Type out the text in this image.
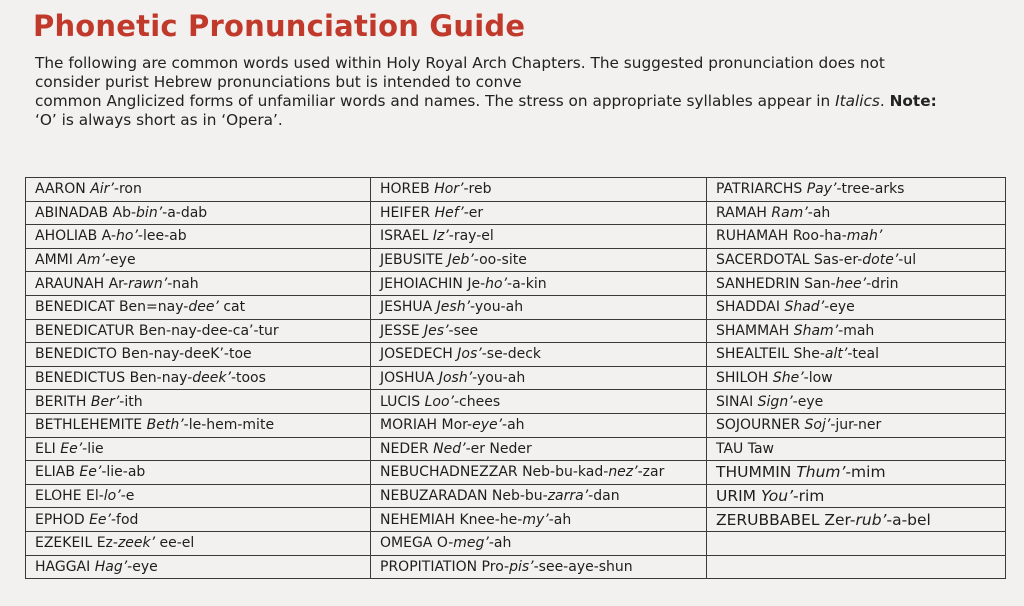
Phonetic Pronunciation Guide
The following are common words used within Holy Royal Arch Chapters. The suggested pronunciation does not
consider purist Hebrew pronunciations but is intended to conve
common Anglicized forms of unfamiliar words and names. The stress on appropriate syllables appear in Italics. Note:
‘O’ is always short as in ‘Opera’.
AARON Air’-ron	HOREB Hor’-reb	PATRIARCHS Pay’-tree-arks
ABINADAB Ab-bin’-a-dab	HEIFER Hef’-er	RAMAH Ram’-ah
AHOLIAB A-ho’-lee-ab	ISRAEL Iz’-ray-el	RUHAMAH Roo-ha-mah’
AMMI Am’-eye	JEBUSITE Jeb’-oo-site	SACERDOTAL Sas-er-dote’-ul
ARAUNAH Ar-rawn’-nah	JEHOIACHIN Je-ho’-a-kin	SANHEDRIN San-hee’-drin
BENEDICAT Ben=nay-dee’ cat	JESHUA Jesh’-you-ah	SHADDAI Shad’-eye
BENEDICATUR Ben-nay-dee-ca’-tur	JESSE Jes’-see	SHAMMAH Sham’-mah
BENEDICTO Ben-nay-deeK’-toe	JOSEDECH Jos’-se-deck	SHEALTEIL She-alt’-teal
BENEDICTUS Ben-nay-deek’-toos	JOSHUA Josh’-you-ah	SHILOH She’-low
BERITH Ber’-ith	LUCIS Loo’-chees	SINAI Sign’-eye
BETHLEHEMITE Beth’-le-hem-mite	MORIAH Mor-eye’-ah	SOJOURNER Soj’-jur-ner
ELI Ee’-lie	NEDER Ned’-er Neder	TAU Taw
ELIAB Ee’-lie-ab	NEBUCHADNEZZAR Neb-bu-kad-nez’-zar	THUMMIN Thum’-mim
ELOHE El-lo’-e	NEBUZARADAN Neb-bu-zarra’-dan	URIM You’-rim
EPHOD Ee’-fod	NEHEMIAH Knee-he-my’-ah	ZERUBBABEL Zer-rub’-a-bel
EZEKEIL Ez-zeek’ ee-el	OMEGA O-meg’-ah	
HAGGAI Hag’-eye	PROPITIATION Pro-pis’-see-aye-shun	
